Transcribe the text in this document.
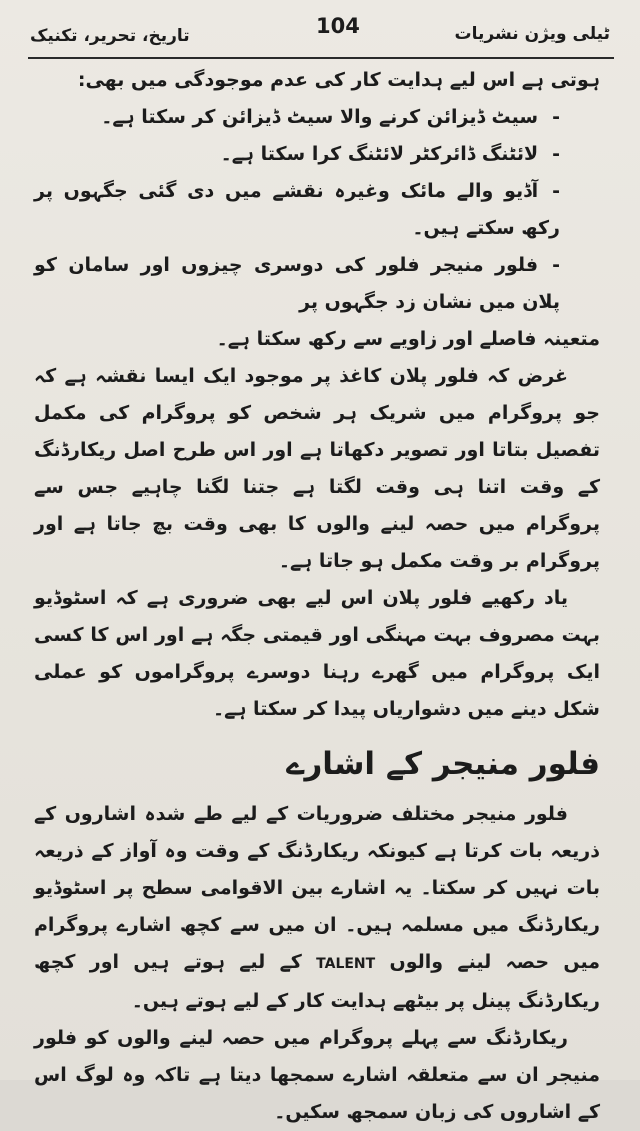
تاریخ، تحریر، تکنیک	104	ٹیلی ویژن نشریات

ہوتی ہے اس لیے ہدایت کار کی عدم موجودگی میں بھی:

-سیٹ ڈیزائن کرنے والا سیٹ ڈیزائن کر سکتا ہے۔

-لائٹنگ ڈائرکٹر لائٹنگ کرا سکتا ہے۔

-آڈیو والے مائک وغیرہ نقشے میں دی گئی جگہوں پر رکھ سکتے ہیں۔

-فلور منیجر فلور کی دوسری چیزوں اور سامان کو پلان میں نشان زد جگہوں پر

متعینہ فاصلے اور زاویے سے رکھ سکتا ہے۔

غرض کہ فلور پلان کاغذ پر موجود ایک ایسا نقشہ ہے کہ جو پروگرام میں شریک ہر شخص کو پروگرام کی مکمل تفصیل بتاتا اور تصویر دکھاتا ہے اور اس طرح اصل ریکارڈنگ کے وقت اتنا ہی وقت لگتا ہے جتنا لگنا چاہیے جس سے پروگرام میں حصہ لینے والوں کا بھی وقت بچ جاتا ہے اور پروگرام بر وقت مکمل ہو جاتا ہے۔

یاد رکھیے فلور پلان اس لیے بھی ضروری ہے کہ اسٹوڈیو بہت مصروف بہت مہنگی اور قیمتی جگہ ہے اور اس کا کسی ایک پروگرام میں گھرے رہنا دوسرے پروگراموں کو عملی شکل دینے میں دشواریاں پیدا کر سکتا ہے۔

فلور منیجر کے اشارے

فلور منیجر مختلف ضروریات کے لیے طے شدہ اشاروں کے ذریعہ بات کرتا ہے کیونکہ ریکارڈنگ کے وقت وہ آواز کے ذریعہ بات نہیں کر سکتا۔ یہ اشارے بین الاقوامی سطح پر اسٹوڈیو ریکارڈنگ میں مسلمہ ہیں۔ ان میں سے کچھ اشارے پروگرام میں حصہ لینے والوں TALENT کے لیے ہوتے ہیں اور کچھ ریکارڈنگ پینل پر بیٹھے ہدایت کار کے لیے ہوتے ہیں۔

ریکارڈنگ سے پہلے پروگرام میں حصہ لینے والوں کو فلور منیجر ان سے متعلقہ اشارے سمجھا دیتا ہے تاکہ وہ لوگ اس کے اشاروں کی زبان سمجھ سکیں۔
